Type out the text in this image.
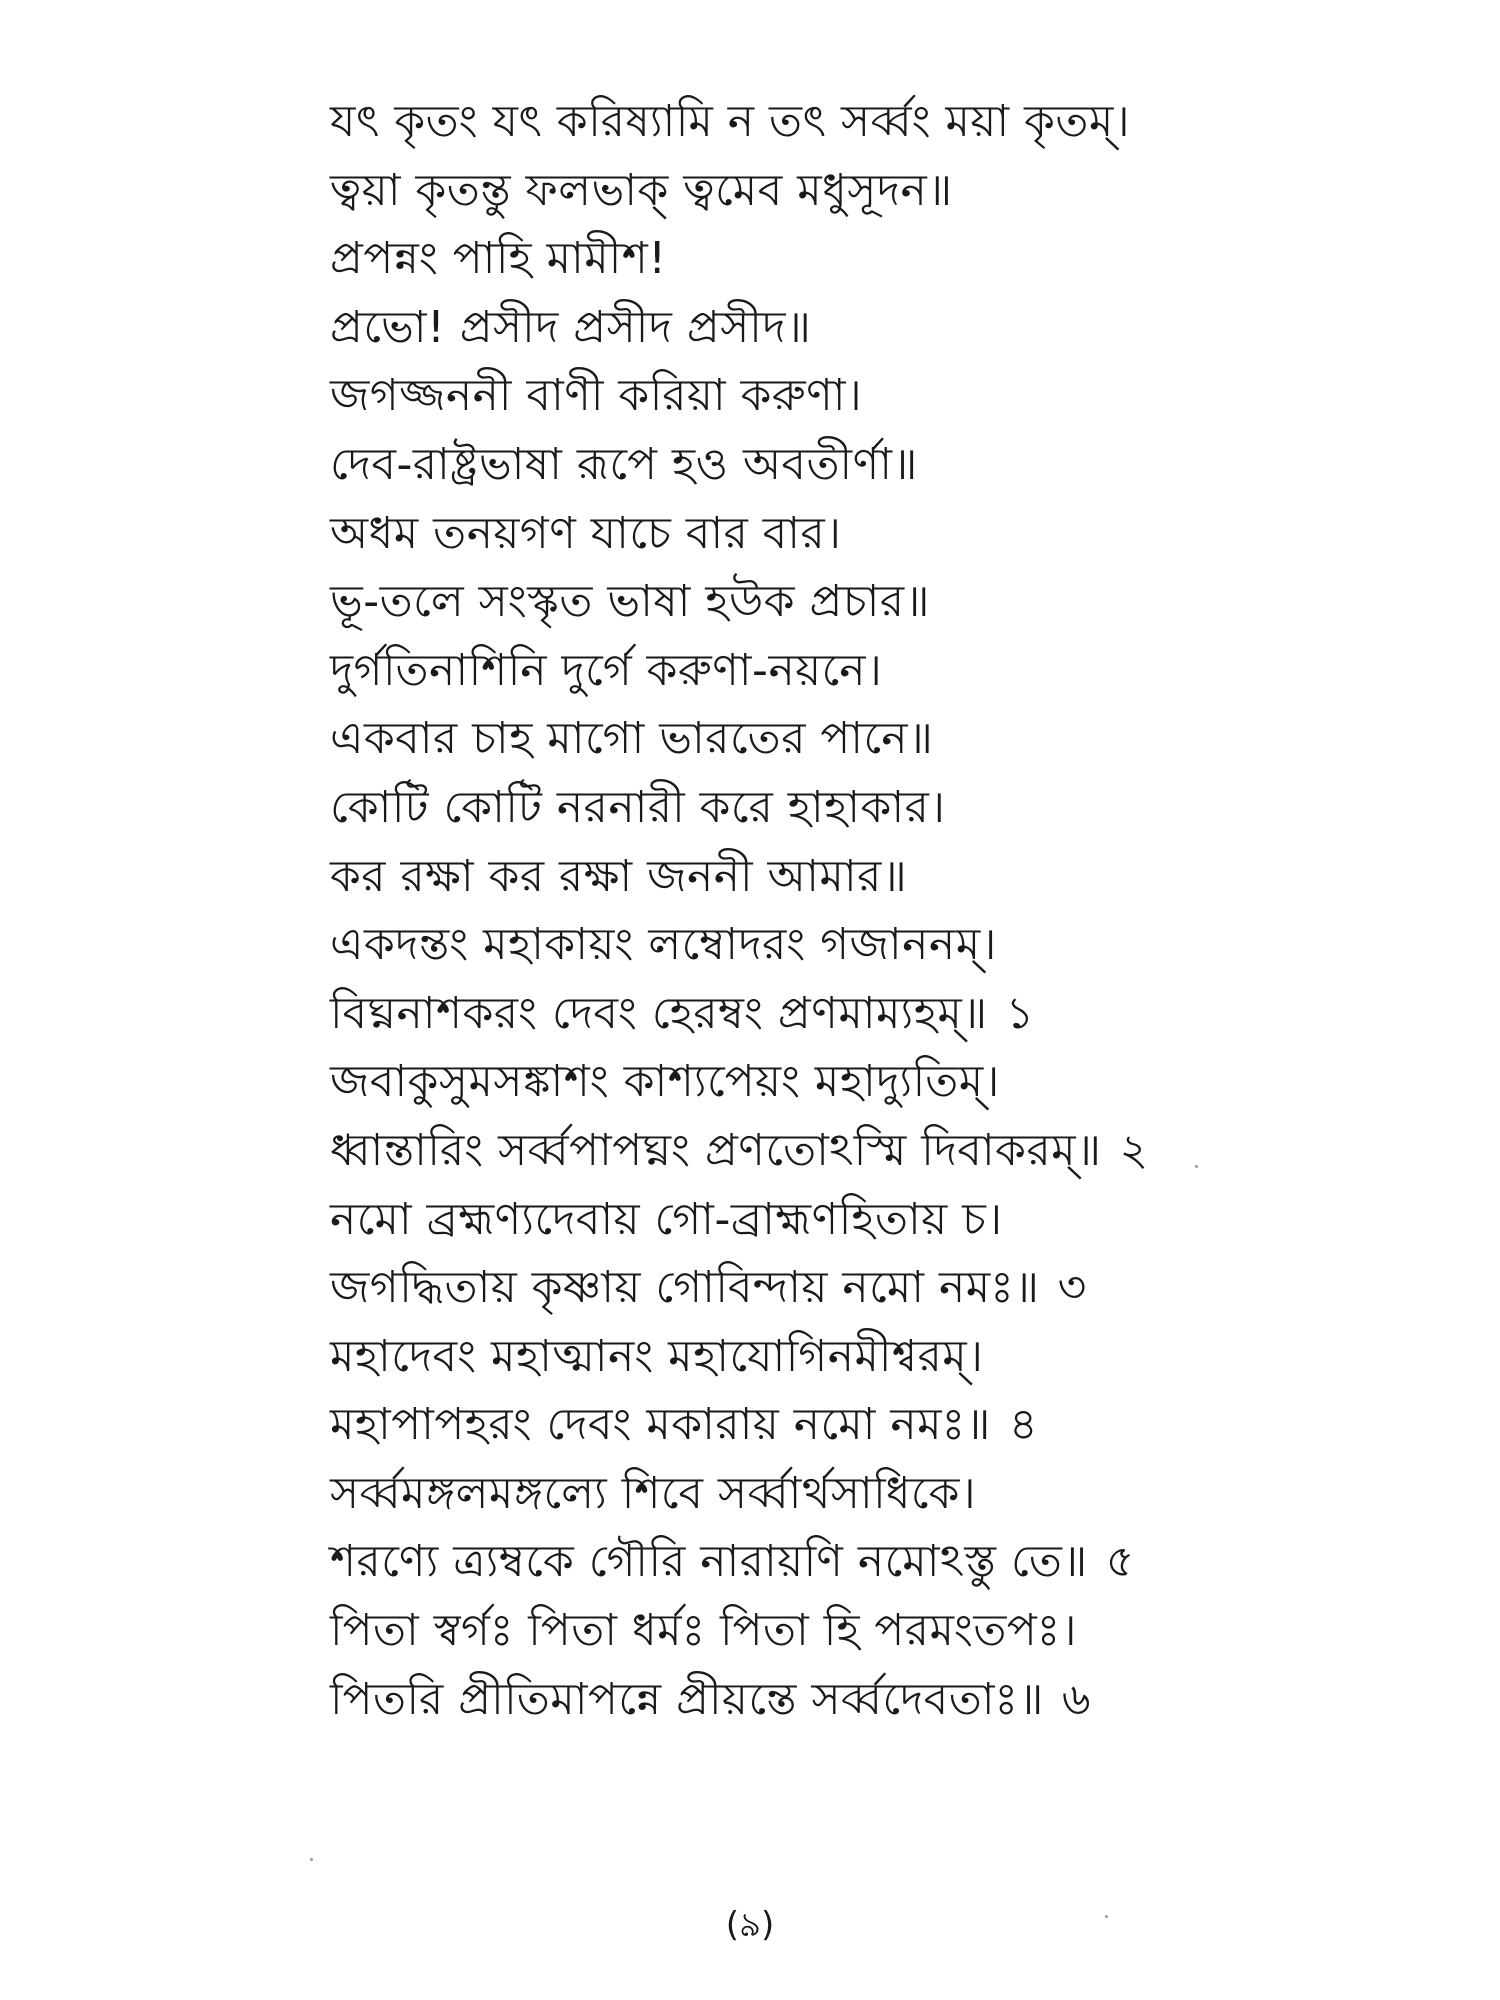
যৎ কৃতং যৎ করিষ্যামি ন তৎ সর্ব্বং ময়া কৃতম্।
ত্বয়া কৃতন্তু ফলভাক্ ত্বমেব মধুসূদন॥
প্রপন্নং পাহি মামীশ!
প্রভো! প্রসীদ প্রসীদ প্রসীদ॥
জগজ্জননী বাণী করিয়া করুণা।
দেব-রাষ্ট্রভাষা রূপে হও অবতীর্ণা॥
অধম তনয়গণ যাচে বার বার।
ভূ-তলে সংস্কৃত ভাষা হউক প্রচার॥
দুর্গতিনাশিনি দুর্গে করুণা-নয়নে।
একবার চাহ মাগো ভারতের পানে॥
কোটি কোটি নরনারী করে হাহাকার।
কর রক্ষা কর রক্ষা জননী আমার॥
একদন্তং মহাকায়ং লম্বোদরং গজাননম্।
বিঘ্ননাশকরং দেবং হেরম্বং প্রণমাম্যহম্॥ ১
জবাকুসুমসঙ্কাশং কাশ্যপেয়ং মহাদ্যুতিম্।
ধ্বান্তারিং সর্ব্বপাপঘ্নং প্রণতোঽস্মি দিবাকরম্॥ ২
নমো ব্রহ্মণ্যদেবায় গো-ব্রাহ্মণহিতায় চ।
জগদ্ধিতায় কৃষ্ণায় গোবিন্দায় নমো নমঃ॥ ৩
মহাদেবং মহাত্মানং মহাযোগিনমীশ্বরম্।
মহাপাপহরং দেবং মকারায় নমো নমঃ॥ ৪
সর্ব্বমঙ্গলমঙ্গল্যে শিবে সর্ব্বার্থসাধিকে।
শরণ্যে ত্র্যম্বকে গৌরি নারায়ণি নমোঽস্তু তে॥ ৫
পিতা স্বর্গঃ পিতা ধর্মঃ পিতা হি পরমংতপঃ।
পিতরি প্রীতিমাপন্নে প্রীয়ন্তে সর্ব্বদেবতাঃ॥ ৬
(৯)
